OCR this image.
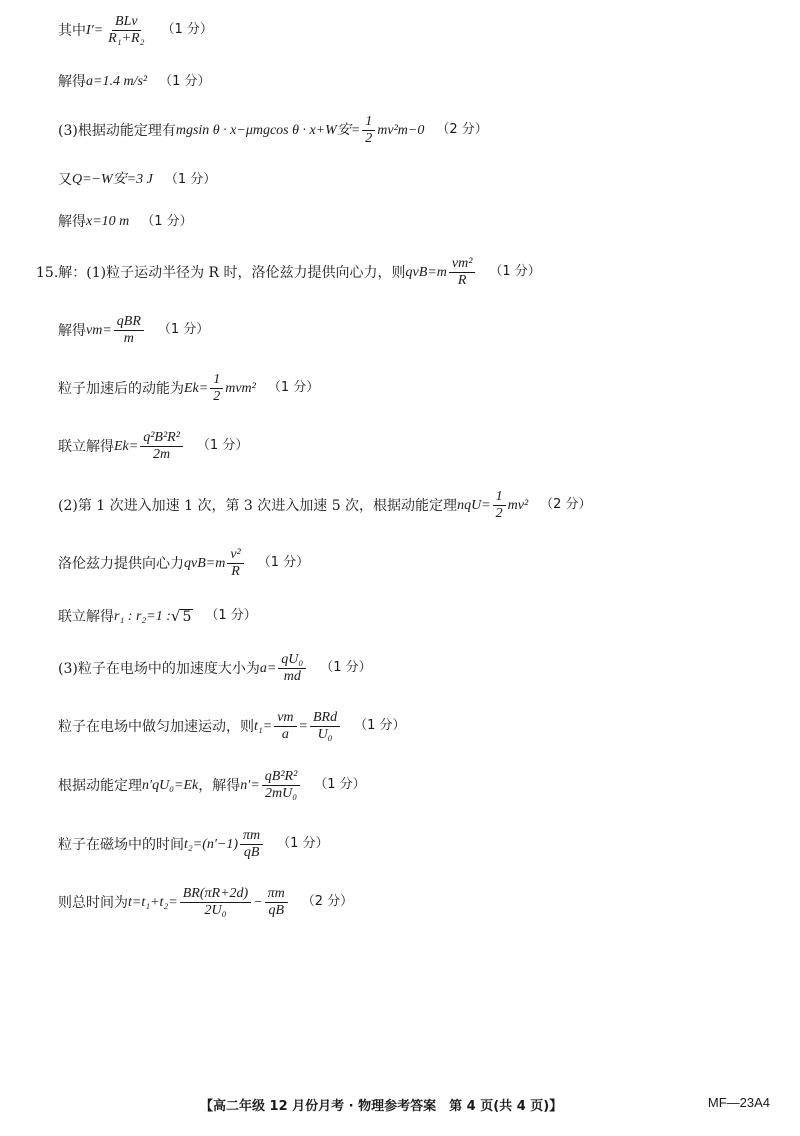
其中 $I'= \frac{\text{BLv}}{\text{R₁+R₂}} (1$ 分）
解得 a=1.4 m/s² （1 分）
(3)根据动能定理有 mgsin θ · x−μmgcos θ · x+W安= $\frac{1}{2} mv^2m-0$ （2 分）
又 Q=−W安=3 J （1 分）
解得 x=10 m （1 分）
15.解：(1)粒子运动半径为 R 时，洛伦兹力提供向心力，则 $qvB=m \frac{\text{vm²}}{R} (1$ 分）
解得 $vm= \frac{\text{qBR}}{m} (1$ 分）
粒子加速后的动能为 $Ek= \frac{1}{2} mvm^2$ （1 分）
联立解得 $Ek= \frac{\text{q²B²R²}}{2m} (1$ 分）
(2)第 1 次进入加速 1 次，第 3 次进入加速 5 次，根据动能定理 $nqU= \frac{1}{2} mv^2$ （2 分）
洛伦兹力提供向心力 $qvB=m \frac{\text{v²}}{R} (1$ 分）
联立解得 r₁ : r₂=1 : √ 5 （1 分）
(3)粒子在电场中的加速度大小为 $a= \frac{\text{qU₀}}{md} (1$ 分）
粒子在电场中做匀加速运动，则 $t_1= \frac{vm}{a} = \frac{\text{BRd}}{\text{U₀}} (1$ 分）
根据动能定理 n′qU₀=Ek ，解得 $n'= \frac{\text{qB²R²}}{\text{2mU₀}} (1$ 分）
粒子在磁场中的时间 $t_2=(n'-1) \frac{\pi m}{qB} (1$ 分）
则总时间为 $t=t_1+t_2= \frac{BR(\pi R+2d)}{\text{2U₀}} - \frac{\pi m}{qB} (2$ 分）
【高二年级 12 月份月考 · 物理参考答案　第 4 页(共 4 页)】	MF—23A4
